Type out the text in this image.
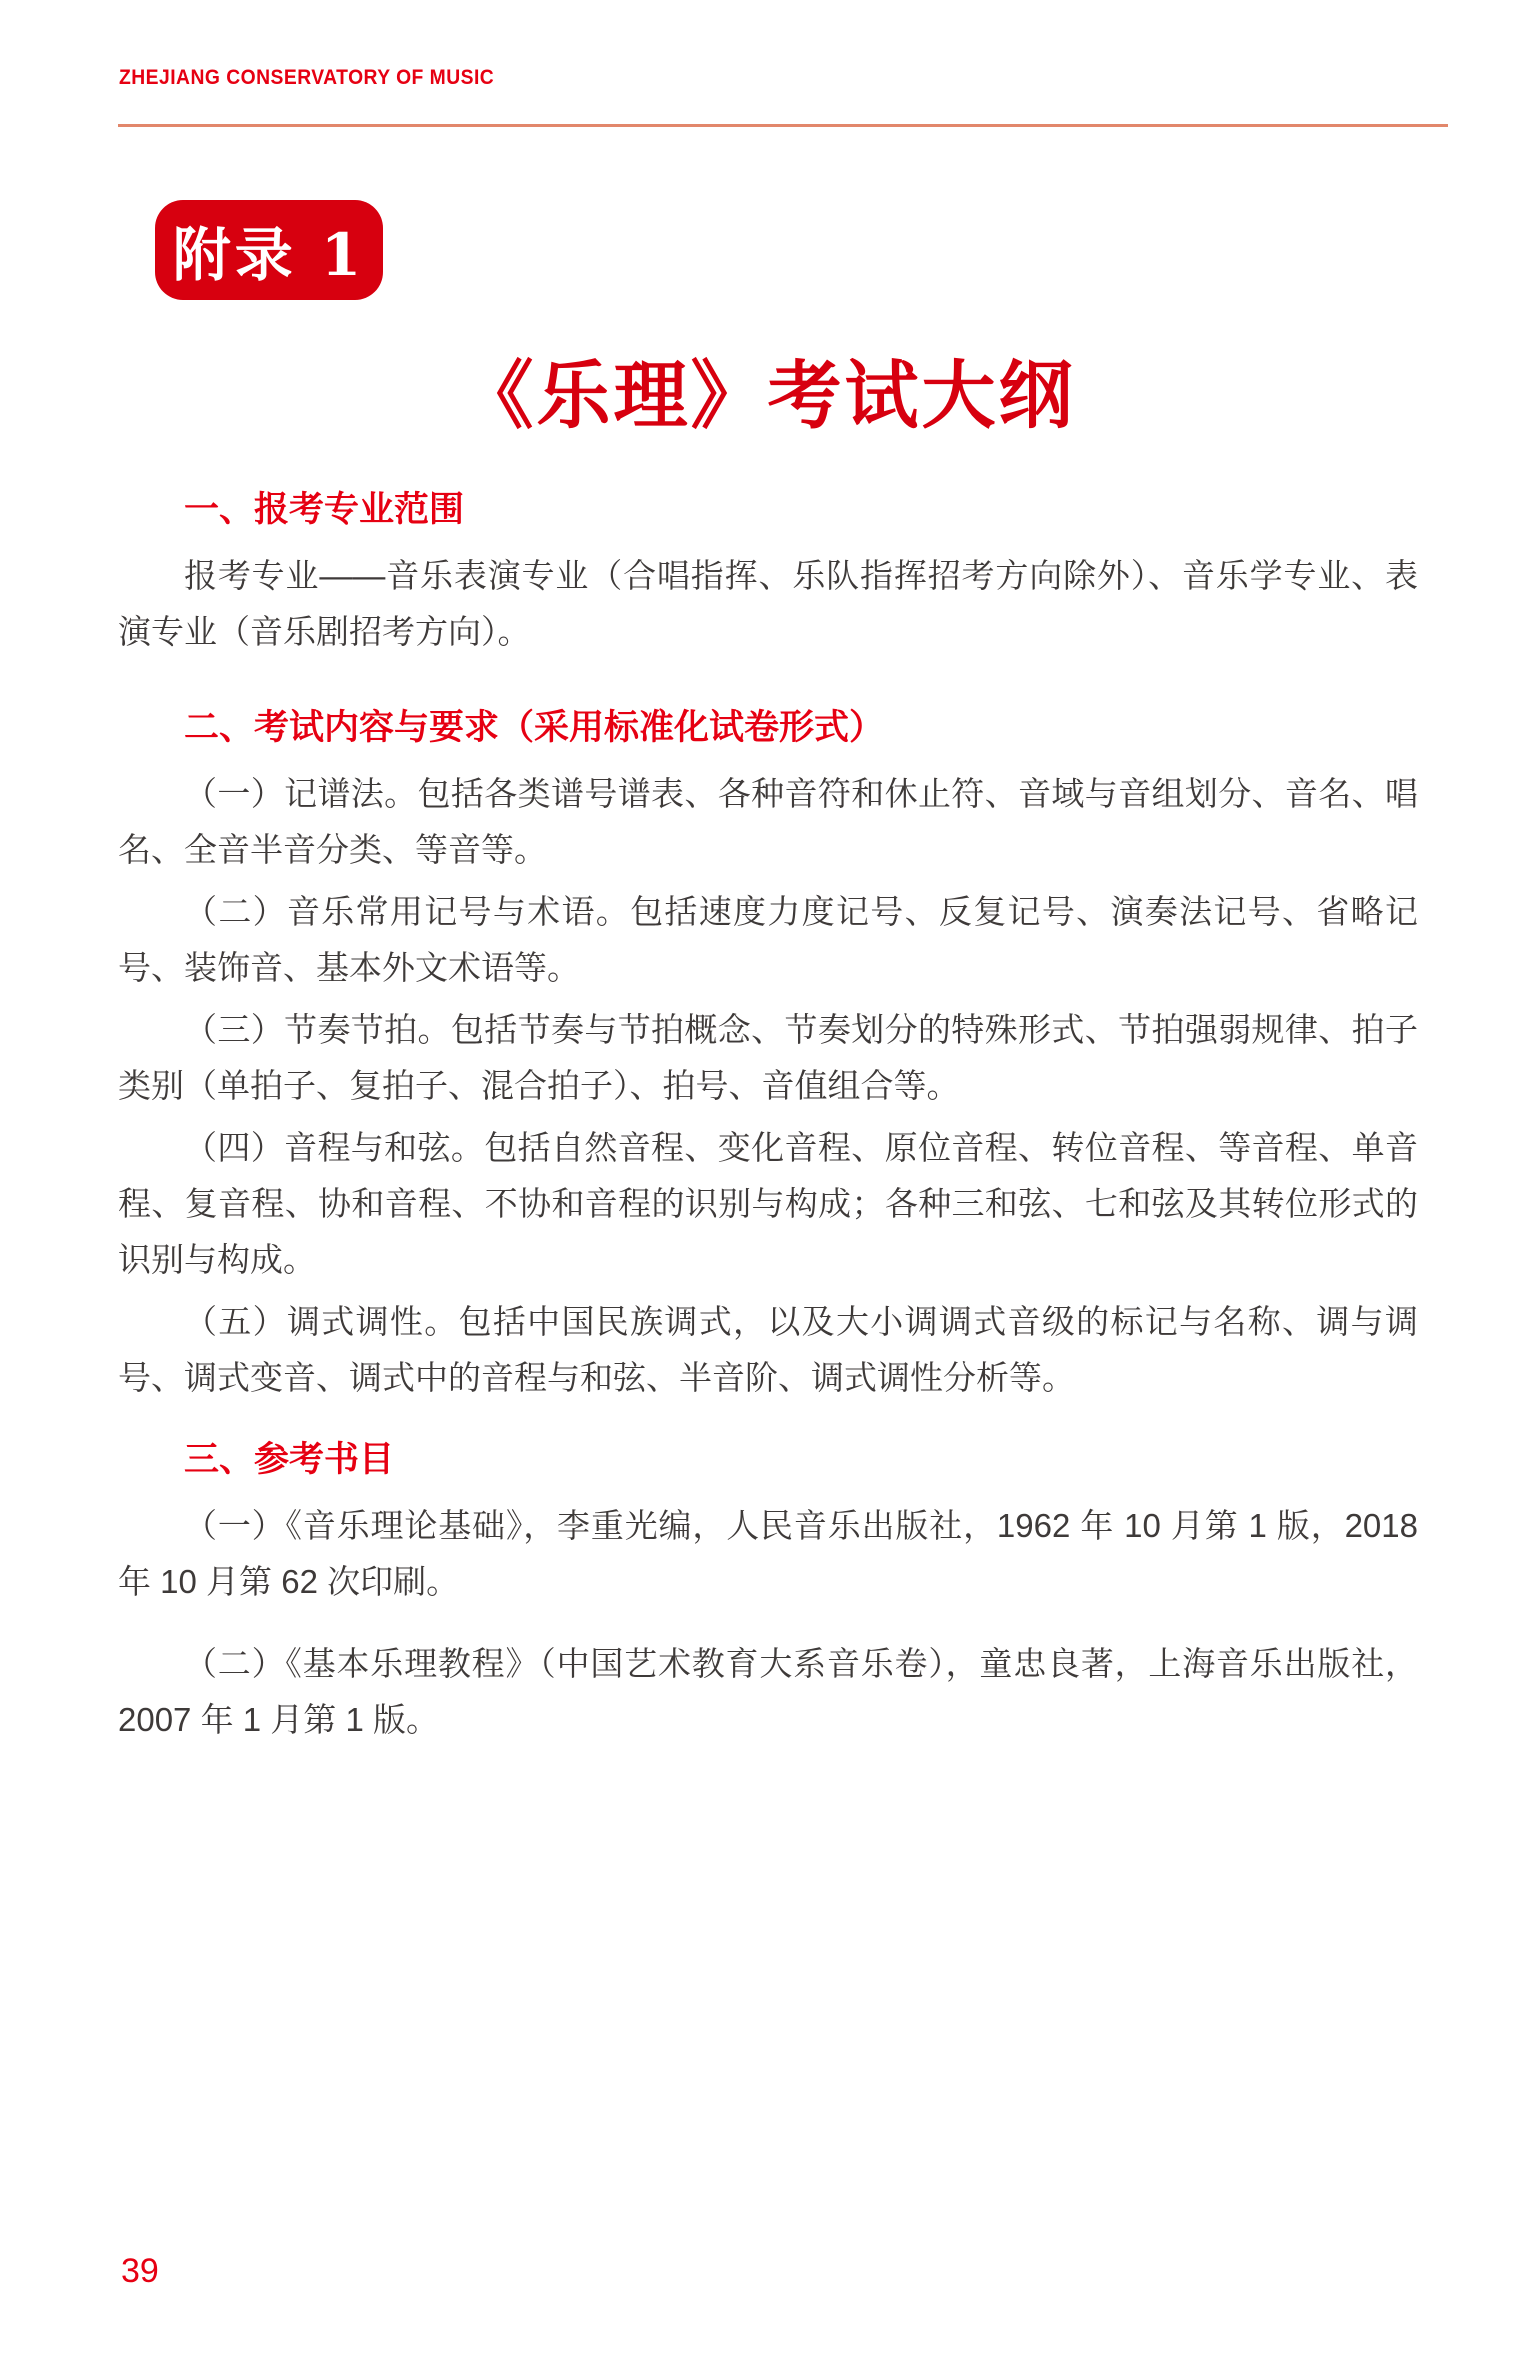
ZHEJIANG CONSERVATORY OF MUSIC
附录 1
《乐理》考试大纲
一、报考专业范围

报考专业——音乐表演专业（合唱指挥、乐队指挥招考方向除外）、音乐学专业、表演专业（音乐剧招考方向）。

二、考试内容与要求（采用标准化试卷形式）

（一）记谱法。包括各类谱号谱表、各种音符和休止符、音域与音组划分、音名、唱名、全音半音分类、等音等。

（二）音乐常用记号与术语。包括速度力度记号、反复记号、演奏法记号、省略记号、装饰音、基本外文术语等。

（三）节奏节拍。包括节奏与节拍概念、节奏划分的特殊形式、节拍强弱规律、拍子类别（单拍子、复拍子、混合拍子）、拍号、音值组合等。

（四）音程与和弦。包括自然音程、变化音程、原位音程、转位音程、等音程、单音程、复音程、协和音程、不协和音程的识别与构成；各种三和弦、七和弦及其转位形式的识别与构成。

（五）调式调性。包括中国民族调式，以及大小调调式音级的标记与名称、调与调号、调式变音、调式中的音程与和弦、半音阶、调式调性分析等。

三、参考书目

（一）《音乐理论基础》，李重光编，人民音乐出版社，1962 年 10 月第 1 版，2018 年 10 月第 62 次印刷。

（二）《基本乐理教程》（中国艺术教育大系音乐卷），童忠良著，上海音乐出版社，2007 年 1 月第 1 版。

39
